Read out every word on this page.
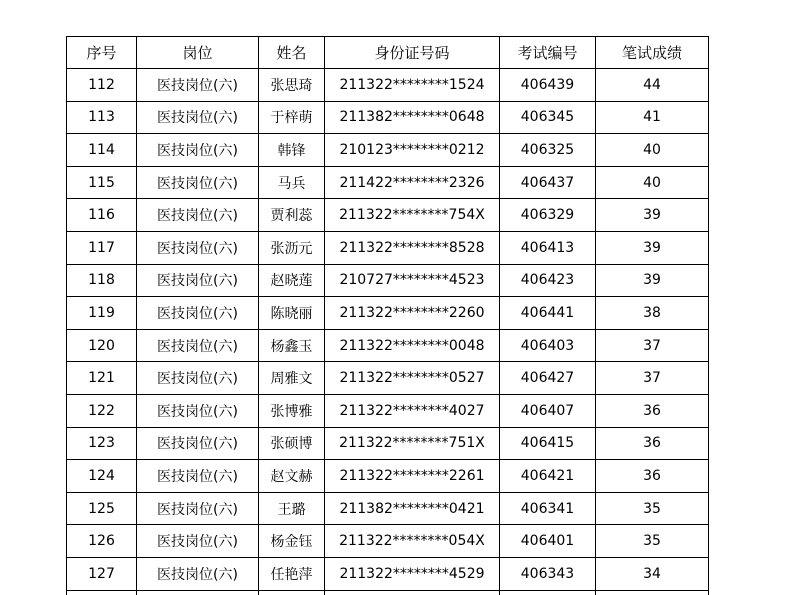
序号	岗位	姓名	身份证号码	考试编号	笔试成绩
112	医技岗位(六)	张思琦	211322********1524	406439	44
113	医技岗位(六)	于梓萌	211382********0648	406345	41
114	医技岗位(六)	韩锋	210123********0212	406325	40
115	医技岗位(六)	马兵	211422********2326	406437	40
116	医技岗位(六)	贾利蕊	211322********754X	406329	39
117	医技岗位(六)	张沥元	211322********8528	406413	39
118	医技岗位(六)	赵晓莲	210727********4523	406423	39
119	医技岗位(六)	陈晓丽	211322********2260	406441	38
120	医技岗位(六)	杨鑫玉	211322********0048	406403	37
121	医技岗位(六)	周雅文	211322********0527	406427	37
122	医技岗位(六)	张博雅	211322********4027	406407	36
123	医技岗位(六)	张硕博	211322********751X	406415	36
124	医技岗位(六)	赵文赫	211322********2261	406421	36
125	医技岗位(六)	王璐	211382********0421	406341	35
126	医技岗位(六)	杨金钰	211322********054X	406401	35
127	医技岗位(六)	任艳萍	211322********4529	406343	34
